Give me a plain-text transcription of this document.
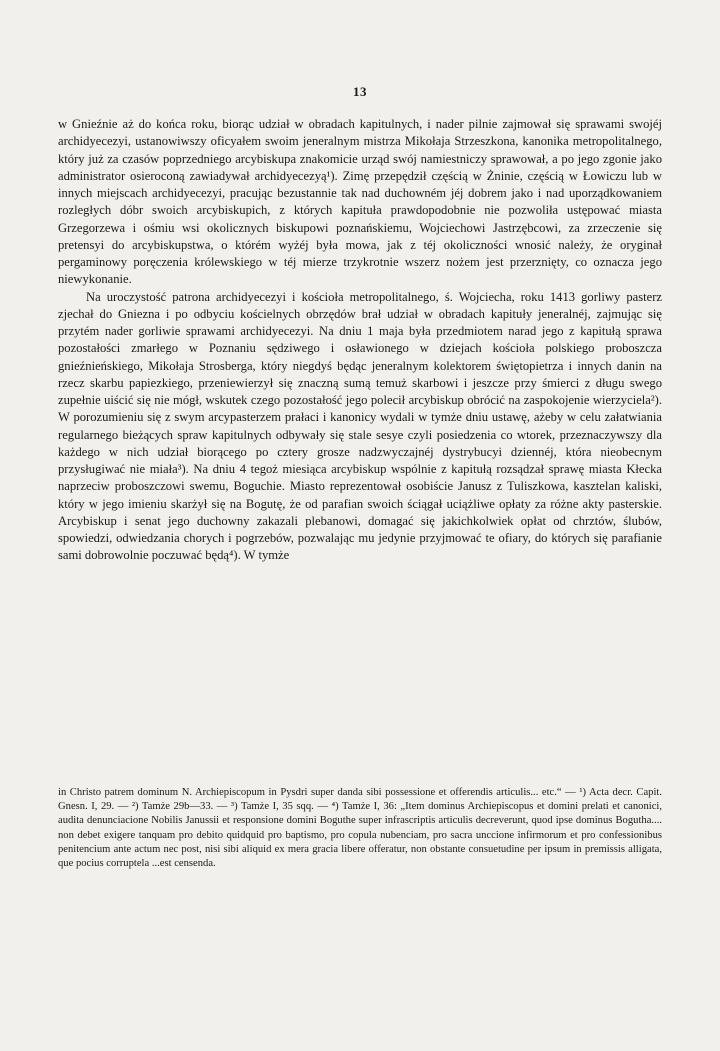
13

w Gnieźnie aż do końca roku, biorąc udział w obradach kapitulnych, i nader pilnie zajmował się sprawami swojéj archidyecezyi, ustanowiwszy oficyałem swoim jeneralnym mistrza Mikołaja Strzeszkona, kanonika metropolitalnego, który już za czasów poprzedniego arcybiskupa znakomicie urząd swój namiestniczy sprawował, a po jego zgonie jako administrator osieroconą zawiadywał archidyecezyą¹). Zimę przepędził częścią w Żninie, częścią w Łowiczu lub w innych miejscach archidyecezyi, pracując bezustannie tak nad duchowném jéj dobrem jako i nad uporządkowaniem rozległych dóbr swoich arcybiskupich, z których kapituła prawdopodobnie nie pozwoliła ustępować miasta Grzegorzewa i ośmiu wsi okolicznych biskupowi poznańskiemu, Wojciechowi Jastrzębcowi, za zrzeczenie się pretensyi do arcybiskupstwa, o którém wyżéj była mowa, jak z téj okoliczności wnosić należy, że oryginał pergaminowy poręczenia królewskiego w téj mierze trzykrotnie wszerz nożem jest przerznięty, co oznacza jego niewykonanie.

Na uroczystość patrona archidyecezyi i kościoła metropolitalnego, ś. Wojciecha, roku 1413 gorliwy pasterz zjechał do Gniezna i po odbyciu kościelnych obrzędów brał udział w obradach kapituły jeneralnéj, zajmując się przytém nader gorliwie sprawami archidyecezyi. Na dniu 1 maja była przedmiotem narad jego z kapitułą sprawa pozostałości zmarłego w Poznaniu sędziwego i osławionego w dziejach kościoła polskiego proboszcza gnieźnieńskiego, Mikołaja Strosberga, który niegdyś będąc jeneralnym kolektorem świętopietrza i innych danin na rzecz skarbu papiezkiego, przeniewierzył się znaczną sumą temuż skarbowi i jeszcze przy śmierci z długu swego zupełnie uiścić się nie mógł, wskutek czego pozostałość jego polecił arcybiskup obrócić na zaspokojenie wierzyciela²). W porozumieniu się z swym arcypasterzem prałaci i kanonicy wydali w tymże dniu ustawę, ażeby w celu załatwiania regularnego bieżących spraw kapitulnych odbywały się stale sesye czyli posiedzenia co wtorek, przeznaczywszy dla każdego w nich udział biorącego po cztery grosze nadzwyczajnéj dystrybucyi dziennéj, która nieobecnym przysługiwać nie miała³). Na dniu 4 tegoż miesiąca arcybiskup wspólnie z kapitułą rozsądzał sprawę miasta Kłecka naprzeciw proboszczowi swemu, Boguchie. Miasto reprezentował osobiście Janusz z Tuliszkowa, kasztelan kaliski, który w jego imieniu skarżył się na Bogutę, że od parafian swoich ściągał uciążliwe opłaty za różne akty pasterskie. Arcybiskup i senat jego duchowny zakazali plebanowi, domagać się jakichkolwiek opłat od chrztów, ślubów, spowiedzi, odwiedzania chorych i pogrzebów, pozwalając mu jedynie przyjmować te ofiary, do których się parafianie sami dobrowolnie poczuwać będą⁴). W tymże

in Christo patrem dominum N. Archiepiscopum in Pysdri super danda sibi possessione et offerendis articulis... etc.“ — ¹) Acta decr. Capit. Gnesn. I, 29. — ²) Tamże 29b—33. — ³) Tamże I, 35 sqq. — ⁴) Tamże I, 36: „Item dominus Archiepiscopus et domini prelati et canonici, audita denunciacione Nobilis Janussii et responsione domini Boguthe super infrascriptis articulis decreverunt, quod ipse dominus Bogutha.... non debet exigere tanquam pro debito quidquid pro baptismo, pro copula nubenciam, pro sacra unccione infirmorum et pro confessionibus penitencium ante actum nec post, nisi sibi aliquid ex mera gracia libere offeratur, non obstante consuetudine per ipsum in premissis alligata, que pocius corruptela ...est censenda.
